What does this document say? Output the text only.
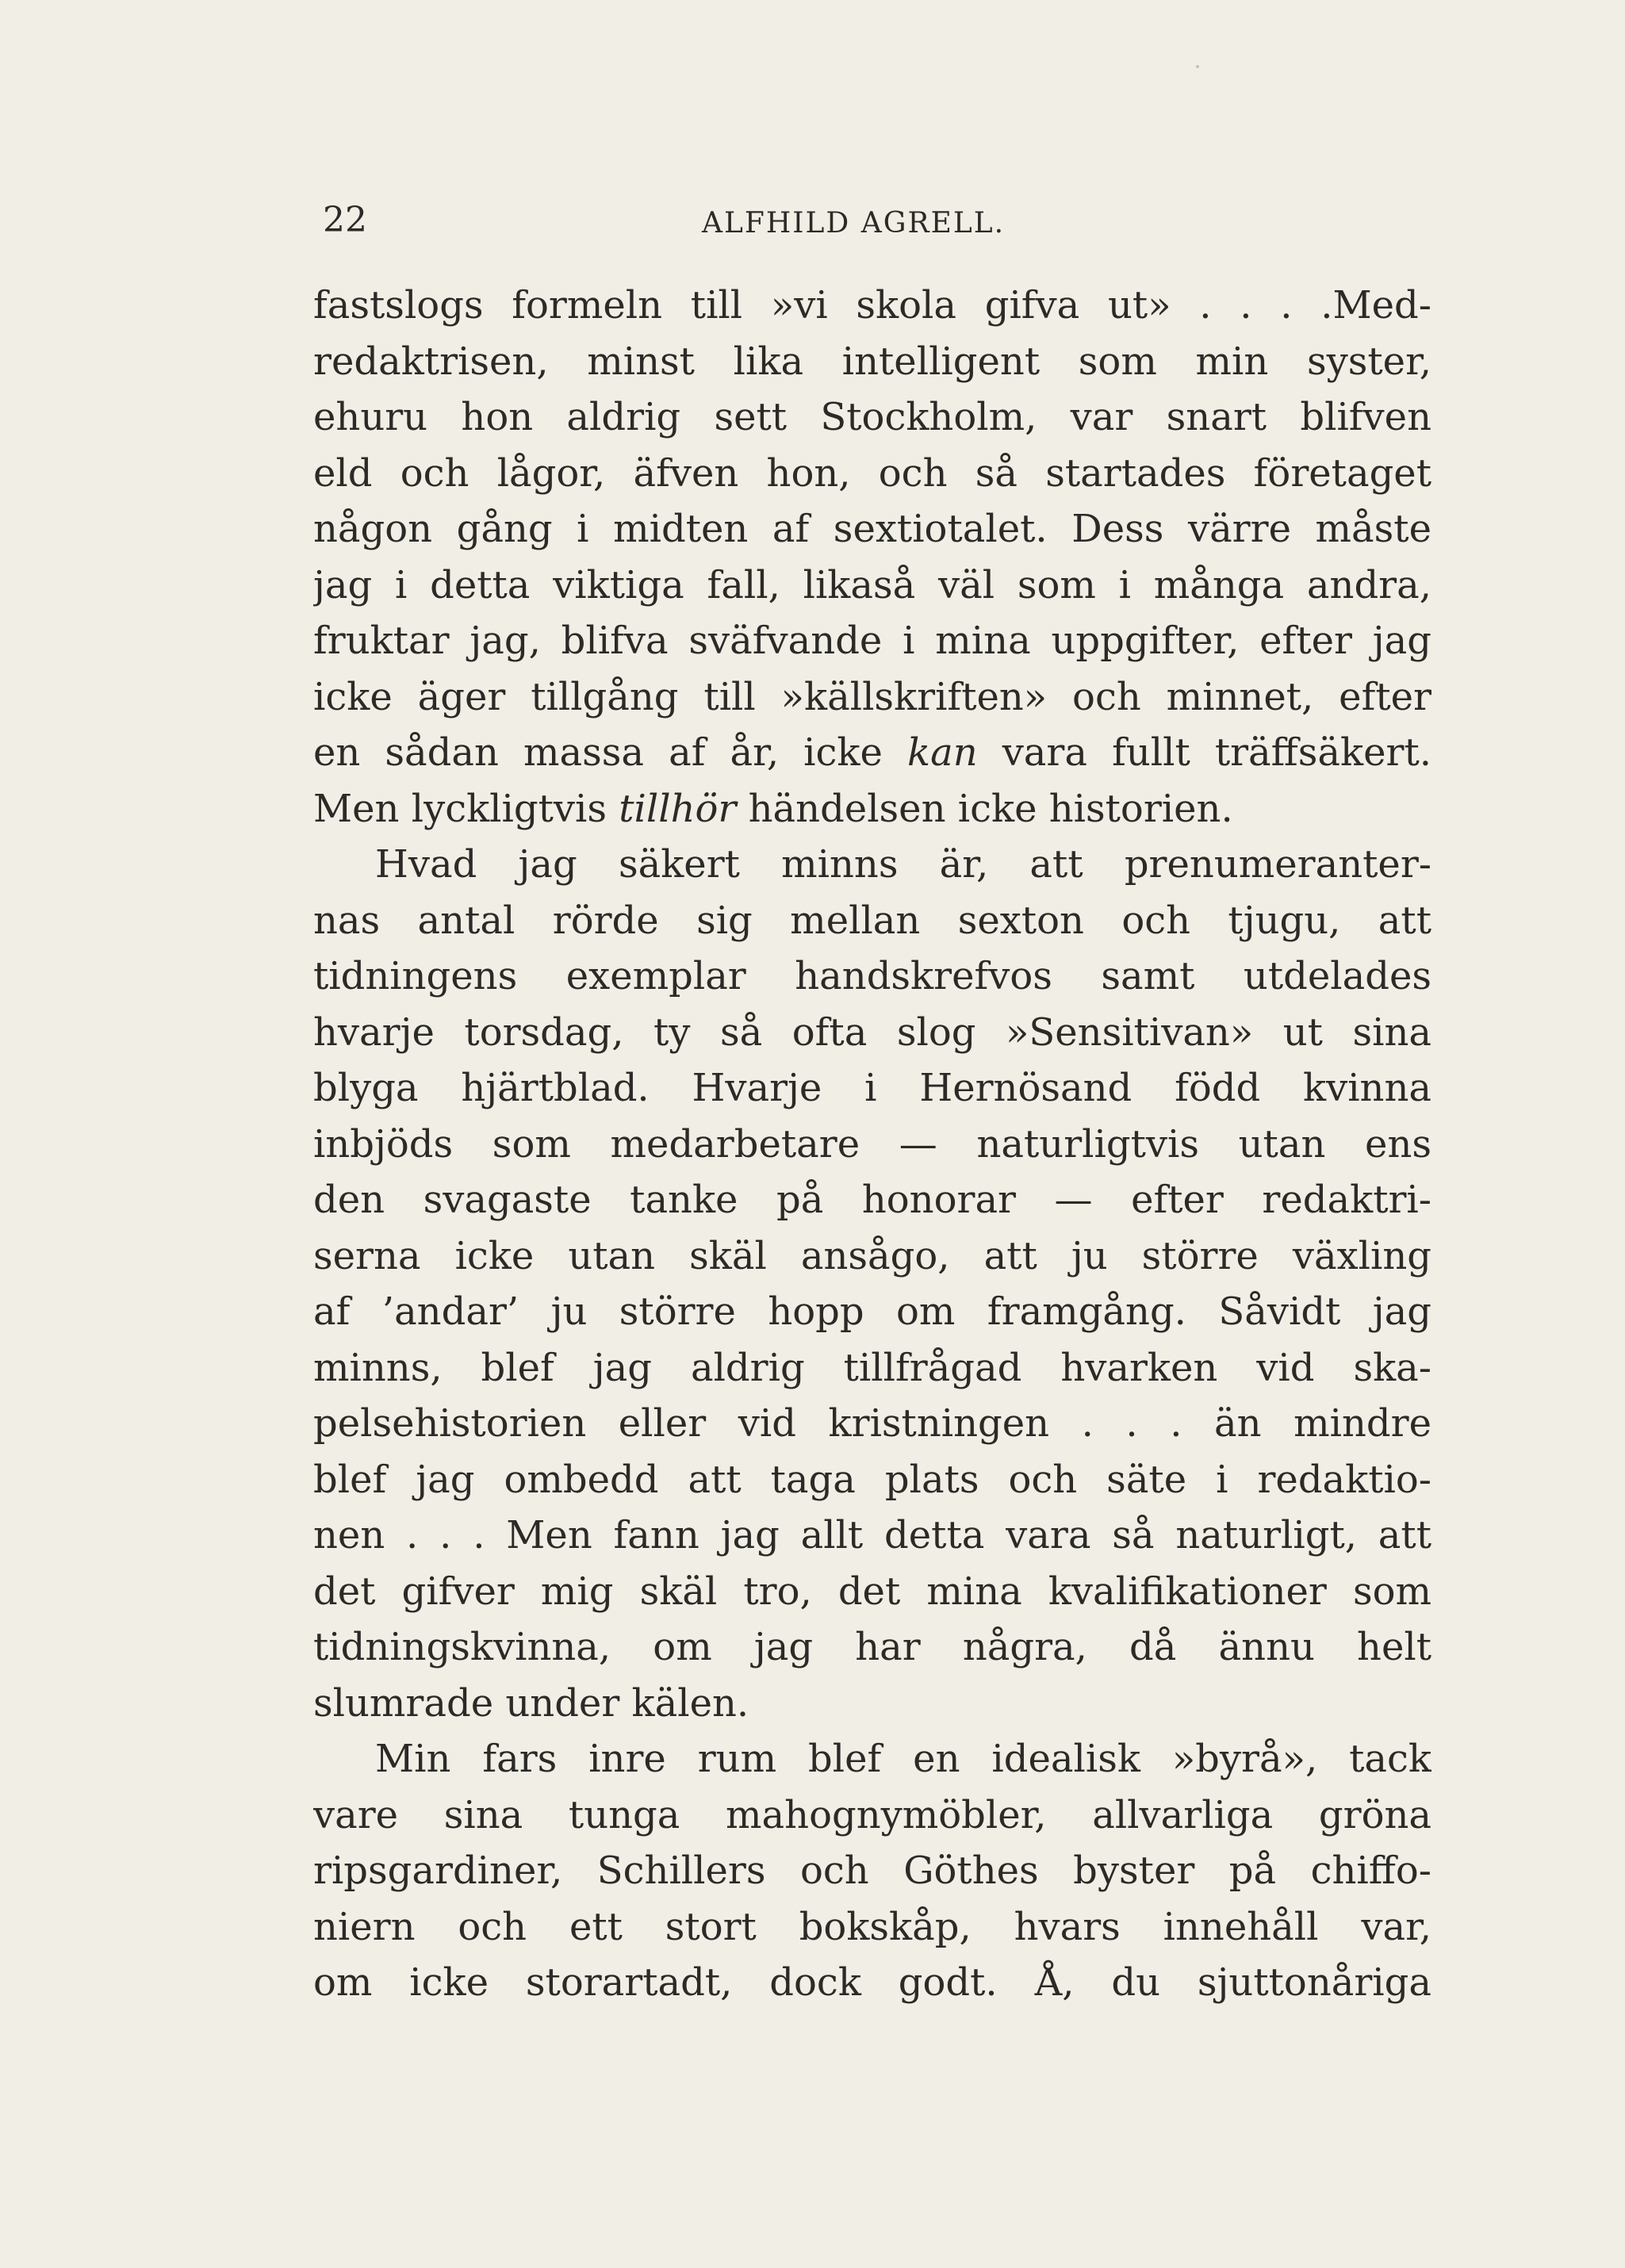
22	ALFHILD AGRELL.
fastslogs formeln till »vi skola gifva ut» . . . .Med-
redaktrisen, minst lika intelligent som min syster,
ehuru hon aldrig sett Stockholm, var snart blifven
eld och lågor, äfven hon, och så startades företaget
någon gång i midten af sextiotalet. Dess värre måste
jag i detta viktiga fall, likaså väl som i många andra,
fruktar jag, blifva sväfvande i mina uppgifter, efter jag
icke äger tillgång till »källskriften» och minnet, efter
en sådan massa af år, icke kan vara fullt träffsäkert.
Men lyckligtvis tillhör händelsen icke historien.
Hvad jag säkert minns är, att prenumeranter-
nas antal rörde sig mellan sexton och tjugu, att
tidningens exemplar handskrefvos samt utdelades
hvarje torsdag, ty så ofta slog »Sensitivan» ut sina
blyga hjärtblad. Hvarje i Hernösand född kvinna
inbjöds som medarbetare — naturligtvis utan ens
den svagaste tanke på honorar — efter redaktri-
serna icke utan skäl ansågo, att ju större växling
af ’andar’ ju större hopp om framgång. Såvidt jag
minns, blef jag aldrig tillfrågad hvarken vid ska-
pelsehistorien eller vid kristningen . . . än mindre
blef jag ombedd att taga plats och säte i redaktio-
nen . . . Men fann jag allt detta vara så naturligt, att
det gifver mig skäl tro, det mina kvalifikationer som
tidningskvinna, om jag har några, då ännu helt
slumrade under kälen.
Min fars inre rum blef en idealisk »byrå», tack
vare sina tunga mahognymöbler, allvarliga gröna
ripsgardiner, Schillers och Göthes byster på chiffo-
niern och ett stort bokskåp, hvars innehåll var,
om icke storartadt, dock godt. Å, du sjuttonåriga
